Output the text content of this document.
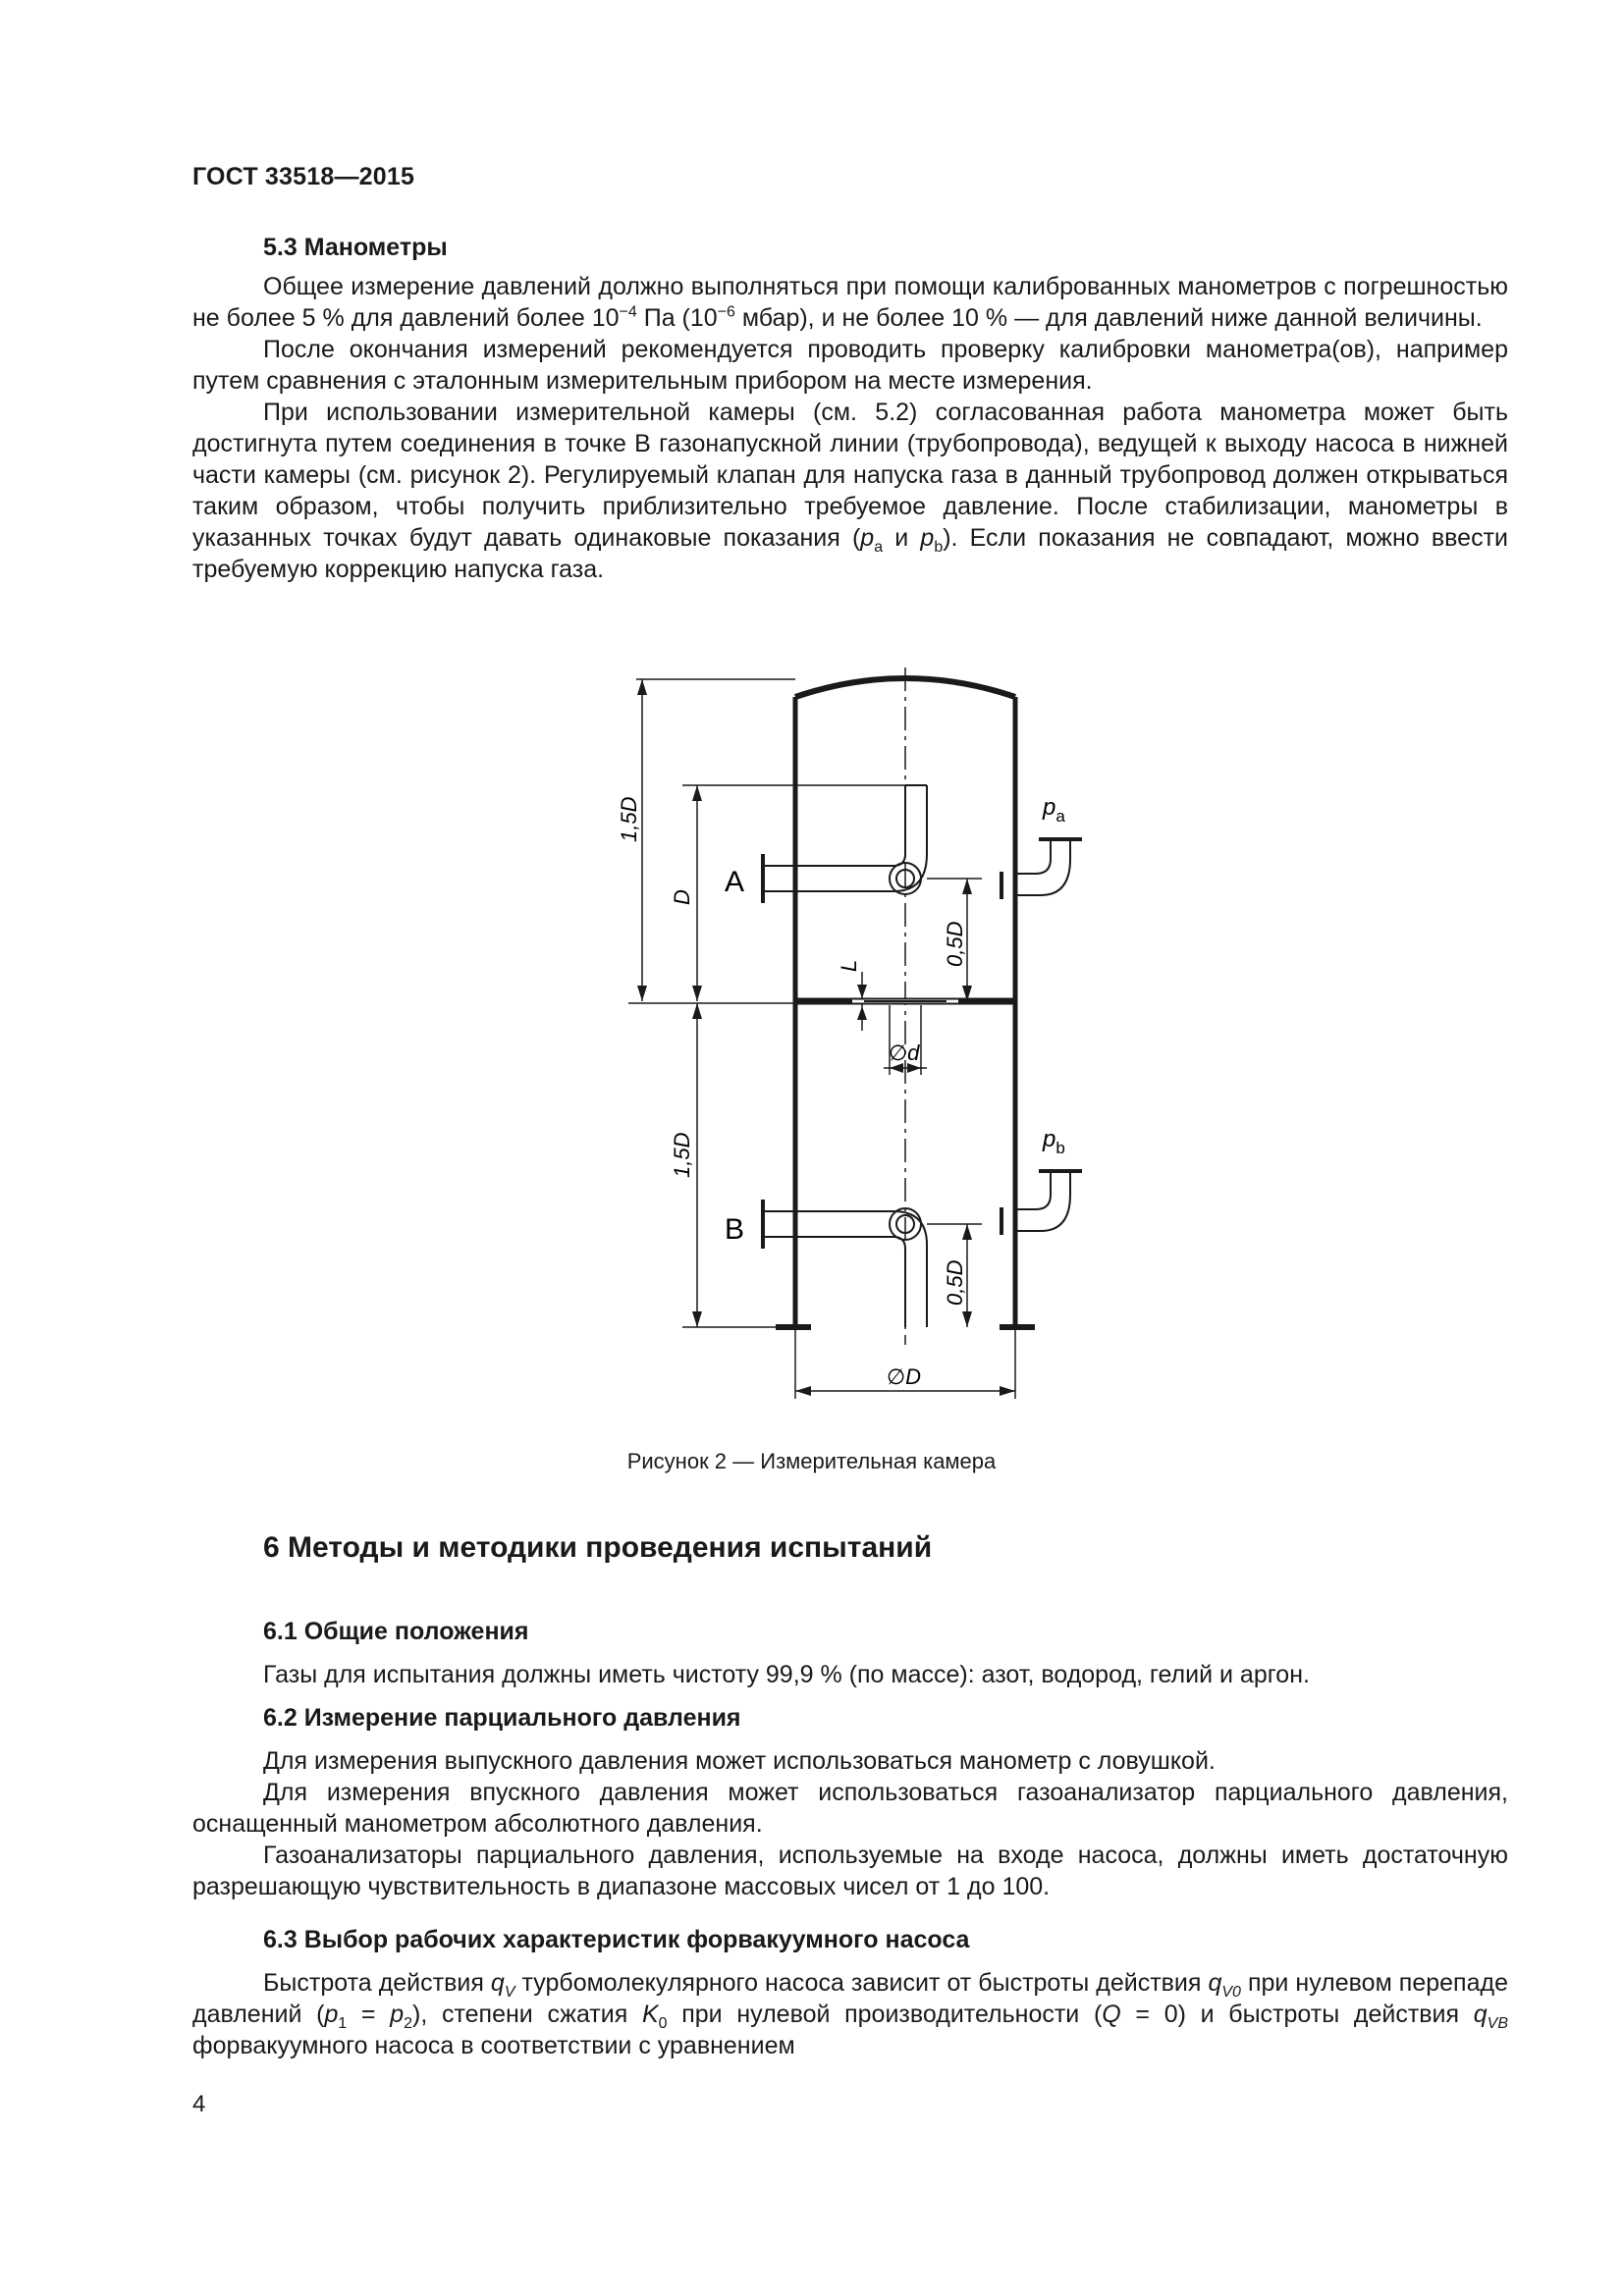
ГОСТ 33518—2015
5.3 Манометры

Общее измерение давлений должно выполняться при помощи калиброванных манометров с погрешностью не более 5 % для давлений более $10^{-4}$ Па ($10^{-6}$ мбар), и не более 10 % — для давлений ниже данной величины.

После окончания измерений рекомендуется проводить проверку калибровки манометра(ов), например путем сравнения с эталонным измерительным прибором на месте измерения.

При использовании измерительной камеры (см. 5.2) согласованная работа манометра может быть достигнута путем соединения в точке В газонапускной линии (трубопровода), ведущей к выходу насоса в нижней части камеры (см. рисунок 2). Регулируемый клапан для напуска газа в данный трубопровод должен открываться таким образом, чтобы получить приблизительно требуемое давление. После стабилизации, манометры в указанных точках будут давать одинаковые показания ($p_a$ и $p_b$). Если показания не совпадают, можно ввести требуемую коррекцию напуска газа.

1,5D
D
L	0,5D
∅d
1,5D
0,5D
∅D
A
B
$p_a$
$p_b$
Рисунок 2 — Измерительная камера
6 Методы и методики проведения испытаний
6.1 Общие положения

Газы для испытания должны иметь чистоту 99,9 % (по массе): азот, водород, гелий и аргон.

6.2 Измерение парциального давления

Для измерения выпускного давления может использоваться манометр с ловушкой.

Для измерения впускного давления может использоваться газоанализатор парциального давления, оснащенный манометром абсолютного давления.

Газоанализаторы парциального давления, используемые на входе насоса, должны иметь достаточную разрешающую чувствительность в диапазоне массовых чисел от 1 до 100.

6.3 Выбор рабочих характеристик форвакуумного насоса

Быстрота действия $q_V$ турбомолекулярного насоса зависит от быстроты действия $q_{V0}$ при нулевом перепаде давлений $(p_1 = p_2)$, степени сжатия $K_0$ при нулевой производительности (Q = 0) и быстроты действия $q_{VB}$ форвакуумного насоса в соответствии с уравнением

4
